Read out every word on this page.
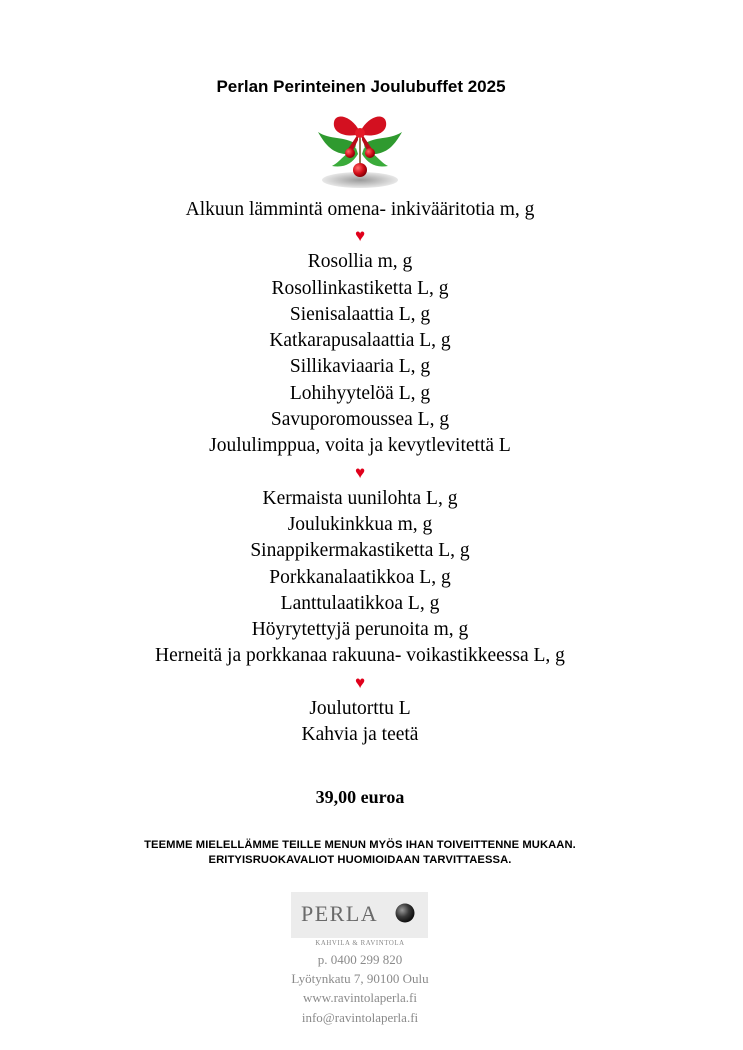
Perlan Perinteinen Joulubuffet 2025
Alkuun lämmintä omena- inkivääritotia m, g
♥
Rosollia m, g
Rosollinkastiketta L, g
Sienisalaattia L, g
Katkarapusalaattia L, g
Sillikaviaaria L, g
Lohihyytelöä L, g
Savuporomoussea L, g
Joululimppua, voita ja kevytlevitettä L
♥
Kermaista uunilohta L, g
Joulukinkkua m, g
Sinappikermakastiketta L, g
Porkkanalaatikkoa L, g
Lanttulaatikkoa L, g
Höyrytettyjä perunoita m, g
Herneitä ja porkkanaa rakuuna- voikastikkeessa L, g
♥
Joulutorttu L
Kahvia ja teetä
39,00 euroa
TEEMME MIELELLÄMME TEILLE MENUN MYÖS IHAN TOIVEITTENNE MUKAAN.
ERITYISRUOKAVALIOT HUOMIOIDAAN TARVITTAESSA.
PERLA
KAHVILA & RAVINTOLA
p. 0400 299 820
Lyötynkatu 7, 90100 Oulu
www.ravintolaperla.fi
info@ravintolaperla.fi
